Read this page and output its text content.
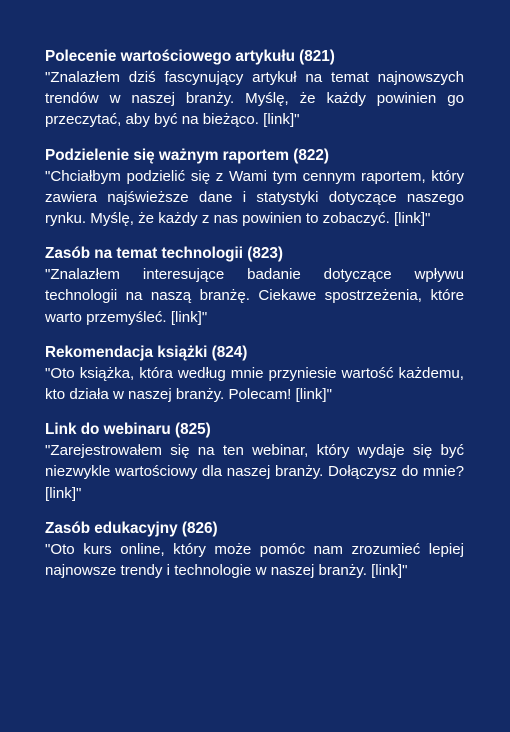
Polecenie wartościowego artykułu (821)

"Znalazłem dziś fascynujący artykuł na temat najnowszych trendów w naszej branży. Myślę, że każdy powinien go przeczytać, aby być na bieżąco. [link]"

Podzielenie się ważnym raportem (822)

"Chciałbym podzielić się z Wami tym cennym raportem, który zawiera najświeższe dane i statystyki dotyczące naszego rynku. Myślę, że każdy z nas powinien to zobaczyć. [link]"

Zasób na temat technologii (823)

"Znalazłem interesujące badanie dotyczące wpływu technologii na naszą branżę. Ciekawe spostrzeżenia, które warto przemyśleć. [link]"

Rekomendacja książki (824)

"Oto książka, która według mnie przyniesie wartość każdemu, kto działa w naszej branży. Polecam! [link]"

Link do webinaru (825)

"Zarejestrowałem się na ten webinar, który wydaje się być niezwykle wartościowy dla naszej branży. Dołączysz do mnie? [link]"

Zasób edukacyjny (826)

"Oto kurs online, który może pomóc nam zrozumieć lepiej najnowsze trendy i technologie w naszej branży. [link]"
